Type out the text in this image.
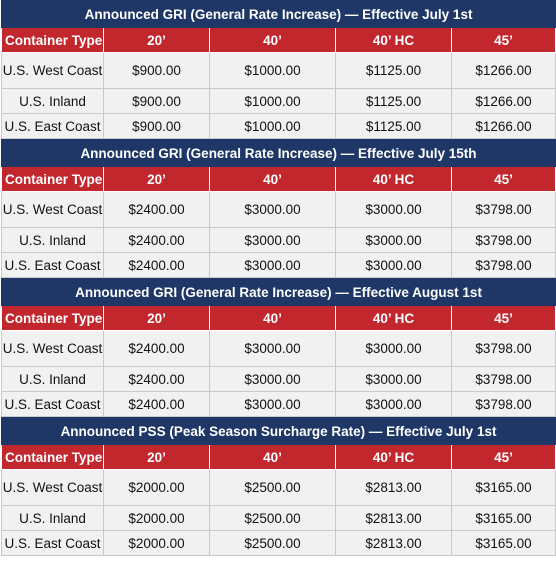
Announced GRI (General Rate Increase) — Effective July 1st				
Container Type	20’	40’	40’ HC	45’
U.S. West Coast	$900.00	$1000.00	$1125.00	$1266.00
U.S. Inland	$900.00	$1000.00	$1125.00	$1266.00
U.S. East Coast	$900.00	$1000.00	$1125.00	$1266.00
Announced GRI (General Rate Increase) — Effective July 15th				
Container Type	20’	40’	40’ HC	45’
U.S. West Coast	$2400.00	$3000.00	$3000.00	$3798.00
U.S. Inland	$2400.00	$3000.00	$3000.00	$3798.00
U.S. East Coast	$2400.00	$3000.00	$3000.00	$3798.00
Announced GRI (General Rate Increase) — Effective August 1st				
Container Type	20’	40’	40’ HC	45’
U.S. West Coast	$2400.00	$3000.00	$3000.00	$3798.00
U.S. Inland	$2400.00	$3000.00	$3000.00	$3798.00
U.S. East Coast	$2400.00	$3000.00	$3000.00	$3798.00
Announced PSS (Peak Season Surcharge Rate) — Effective July 1st				
Container Type	20’	40’	40’ HC	45’
U.S. West Coast	$2000.00	$2500.00	$2813.00	$3165.00
U.S. Inland	$2000.00	$2500.00	$2813.00	$3165.00
U.S. East Coast	$2000.00	$2500.00	$2813.00	$3165.00
